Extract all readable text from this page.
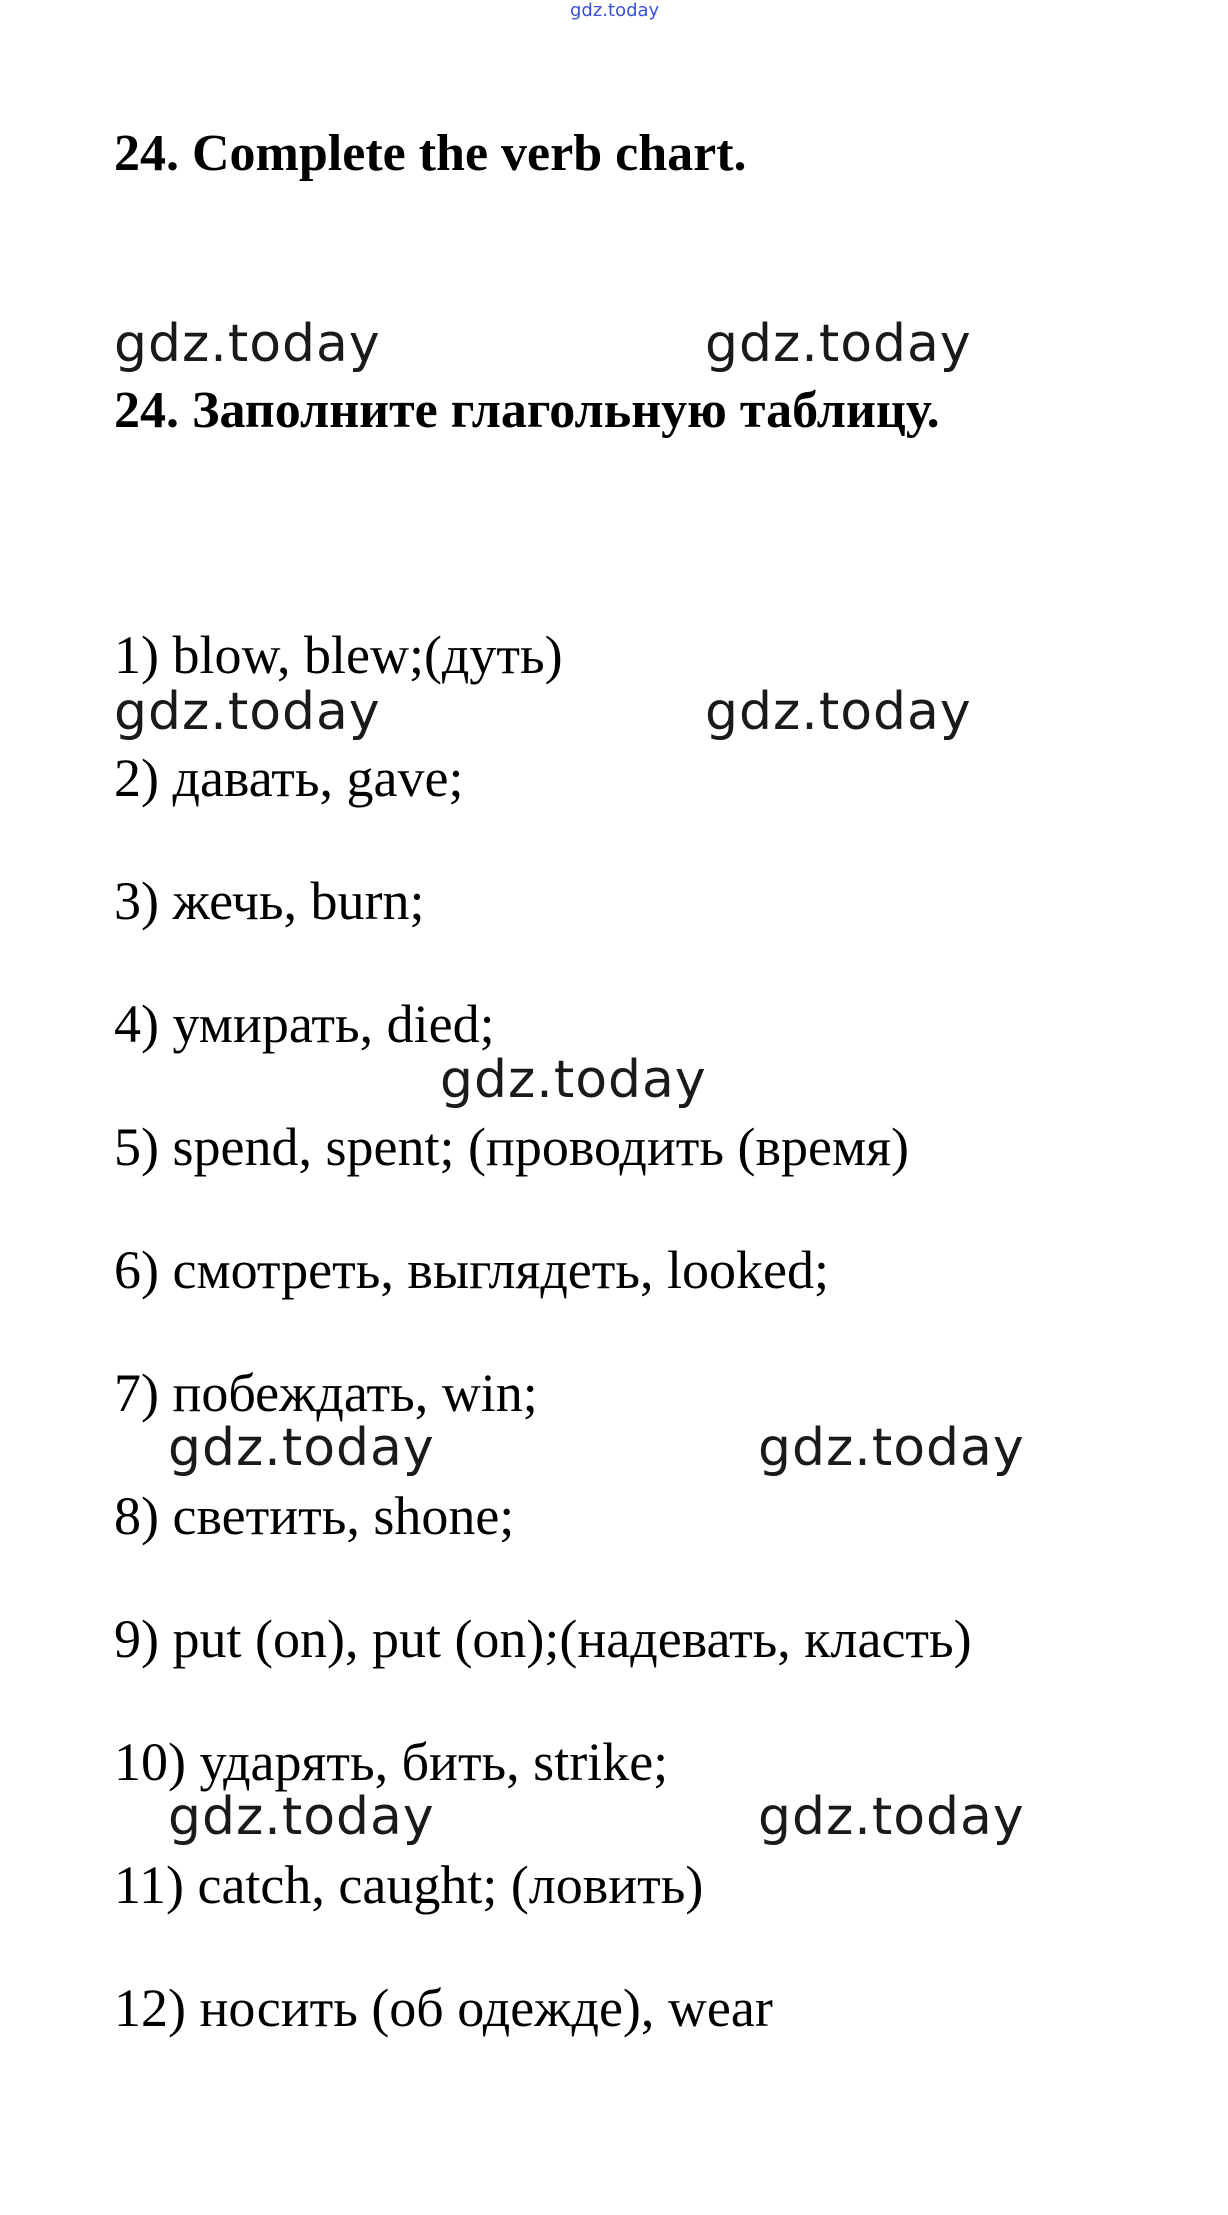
gdz.today
24. Complete the verb chart.
gdz.today	gdz.today
24. Заполните глагольную таблицу.
1) blow, blew;(дуть)
gdz.today	gdz.today
2) давать, gave;
3) жечь, burn;
4) умирать, died;
gdz.today
5) spend, spent; (проводить (время)
6) смотреть, выглядеть, looked;
7) побеждать, win;
gdz.today	gdz.today
8) светить, shone;
9) put (on), put (on);(надевать, класть)
10) ударять, бить, strike;
gdz.today	gdz.today
11) catch, caught; (ловить)
12) носить (об одежде), wear
